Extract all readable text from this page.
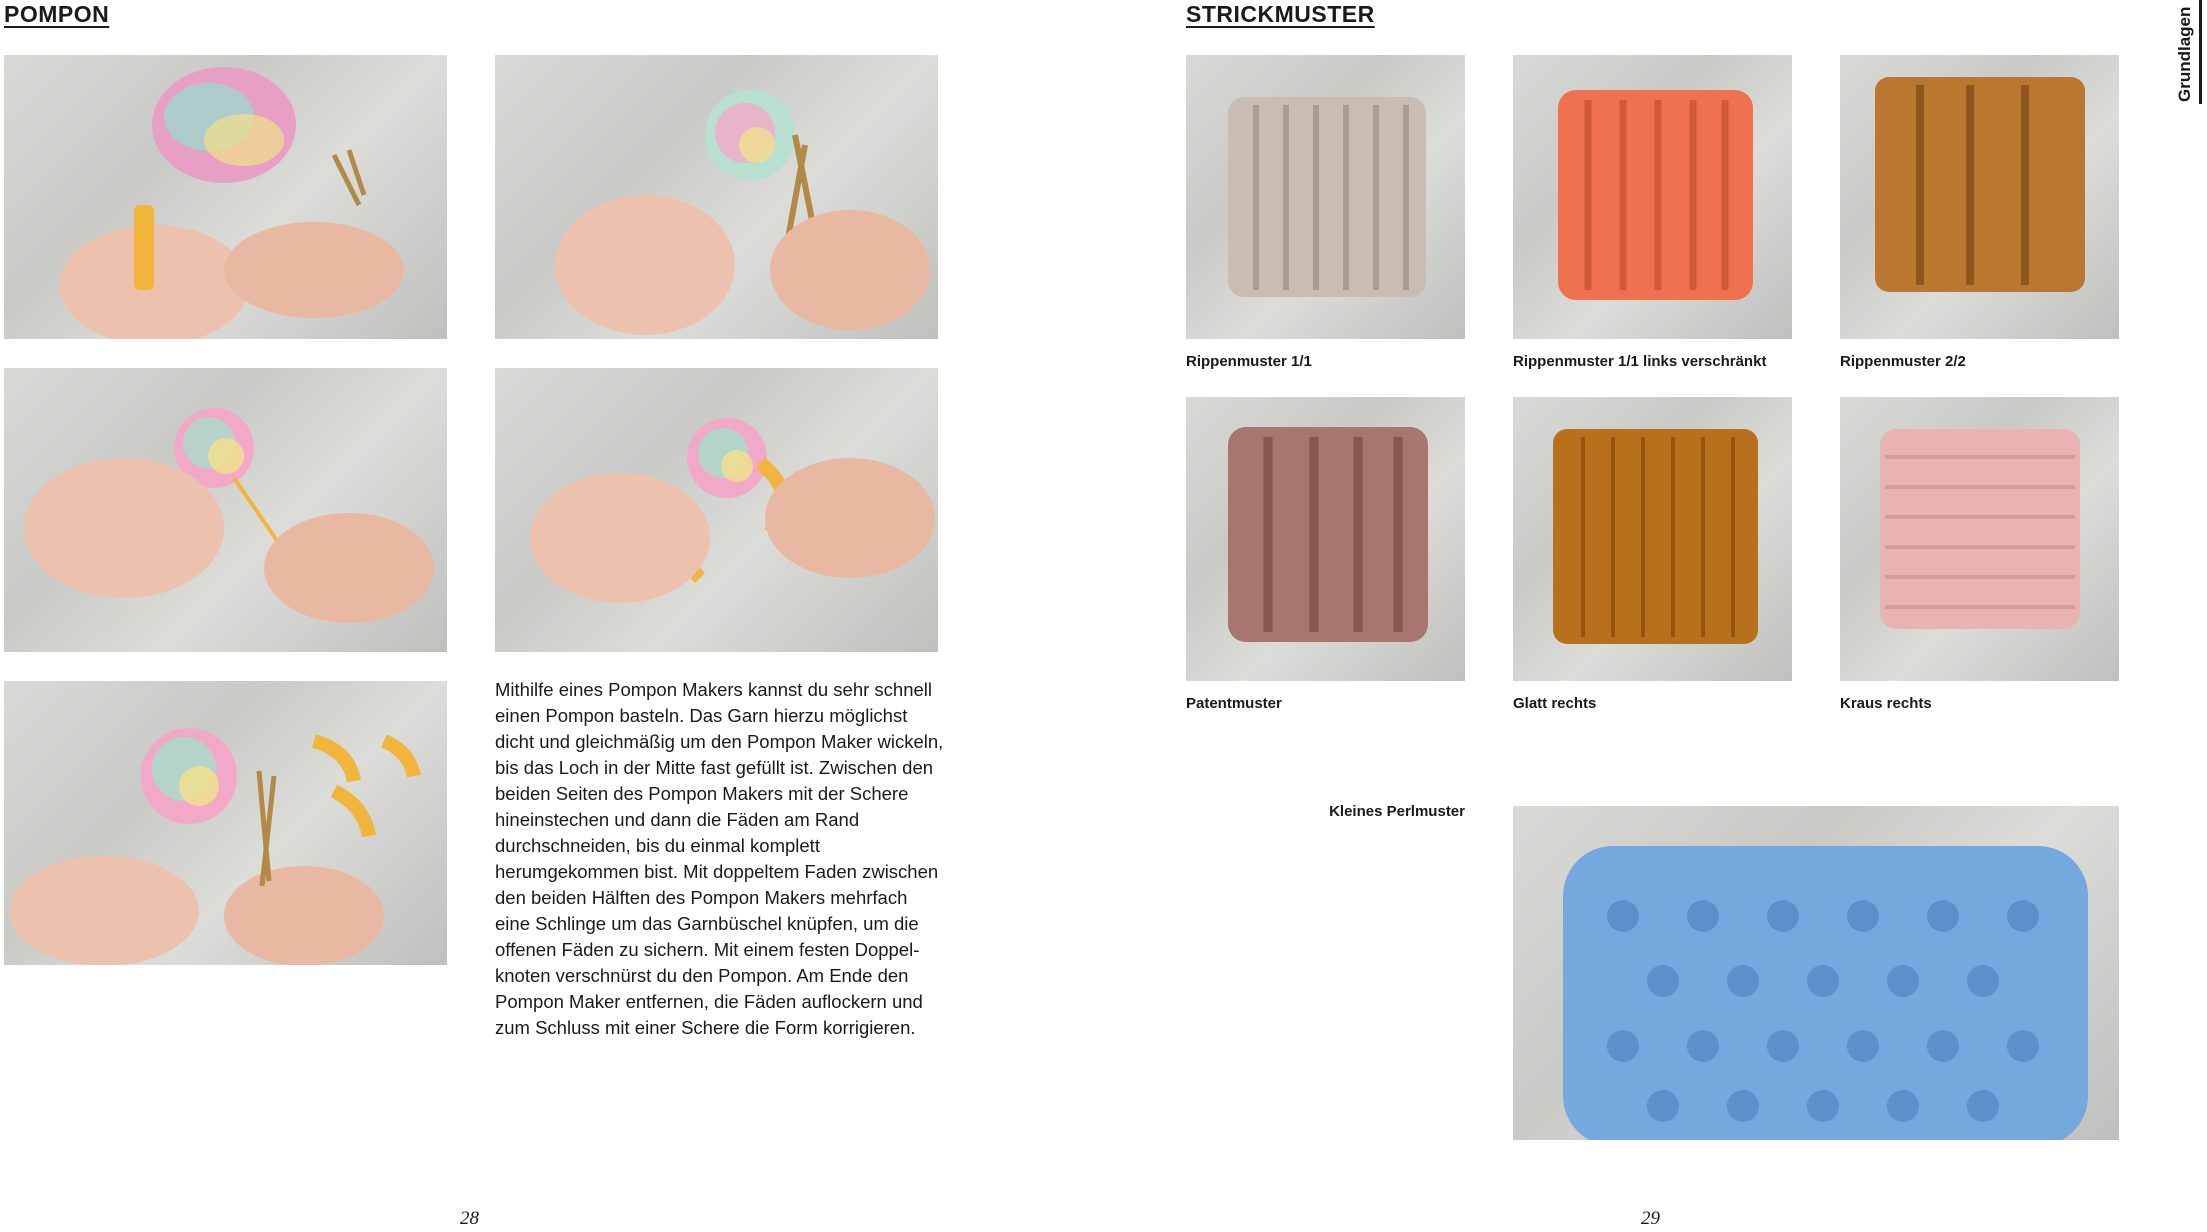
POMPON
Mithilfe eines Pompon Makers kannst du sehr schnell einen Pompon basteln. Das Garn hierzu möglichst dicht und gleichmäßig um den Pompon Maker wickeln, bis das Loch in der Mitte fast gefüllt ist. Zwischen den beiden Seiten des Pompon Makers mit der Schere hineinstechen und dann die Fäden am Rand durchschneiden, bis du einmal komplett herumgekommen bist. Mit doppeltem Faden zwischen den beiden Hälften des Pompon Makers mehrfach eine Schlinge um das Garnbüschel knüpfen, um die offenen Fäden zu sichern. Mit einem festen Doppel-knoten verschnürst du den Pompon. Am Ende den Pompon Maker entfernen, die Fäden auflockern und zum Schluss mit einer Schere die Form korrigieren.
28
STRICKMUSTER	Grundlagen
Rippenmuster 1/1	Rippenmuster 1/1 links verschränkt	Rippenmuster 2/2
Patentmuster	Glatt rechts	Kraus rechts
Kleines Perlmuster
29
